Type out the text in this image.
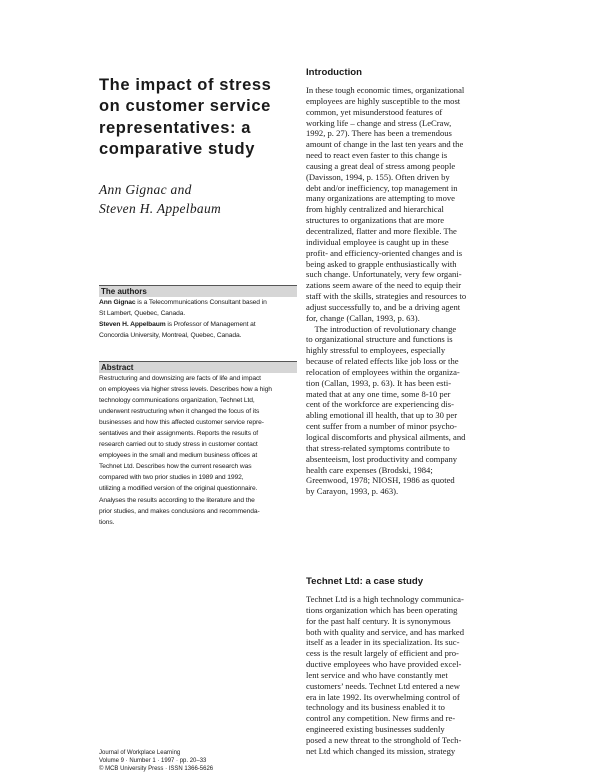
The impact of stress
on customer service
representatives: a
comparative study
Ann Gignac and
Steven H. Appelbaum
The authors
Ann Gignac is a Telecommunications Consultant based in
St Lambert, Quebec, Canada.
Steven H. Appelbaum is Professor of Management at
Concordia University, Montreal, Quebec, Canada.
Abstract
Restructuring and downsizing are facts of life and impact
on employees via higher stress levels. Describes how a high
technology communications organization, Technet Ltd,
underwent restructuring when it changed the focus of its
businesses and how this affected customer service repre-
sentatives and their assignments. Reports the results of
research carried out to study stress in customer contact
employees in the small and medium business offices at
Technet Ltd. Describes how the current research was
compared with two prior studies in 1989 and 1992,
utilizing a modified version of the original questionnaire.
Analyses the results according to the literature and the
prior studies, and makes conclusions and recommenda-
tions.
Journal of Workplace Learning
Volume 9 · Number 1 · 1997 · pp. 20–33
© MCB University Press · ISSN 1366-5626
Introduction
In these tough economic times, organizational
employees are highly susceptible to the most
common, yet misunderstood features of
working life – change and stress (LeCraw,
1992, p. 27). There has been a tremendous
amount of change in the last ten years and the
need to react even faster to this change is
causing a great deal of stress among people
(Davisson, 1994, p. 155). Often driven by
debt and/or inefficiency, top management in
many organizations are attempting to move
from highly centralized and hierarchical
structures to organizations that are more
decentralized, flatter and more flexible. The
individual employee is caught up in these
profit- and efficiency-oriented changes and is
being asked to grapple enthusiastically with
such change. Unfortunately, very few organi-
zations seem aware of the need to equip their
staff with the skills, strategies and resources to
adjust successfully to, and be a driving agent
for, change (Callan, 1993, p. 63).
The introduction of revolutionary change
to organizational structure and functions is
highly stressful to employees, especially
because of related effects like job loss or the
relocation of employees within the organiza-
tion (Callan, 1993, p. 63). It has been esti-
mated that at any one time, some 8-10 per
cent of the workforce are experiencing dis-
abling emotional ill health, that up to 30 per
cent suffer from a number of minor psycho-
logical discomforts and physical ailments, and
that stress-related symptoms contribute to
absenteeism, lost productivity and company
health care expenses (Brodski, 1984;
Greenwood, 1978; NIOSH, 1986 as quoted
by Carayon, 1993, p. 463).
Technet Ltd: a case study
Technet Ltd is a high technology communica-
tions organization which has been operating
for the past half century. It is synonymous
both with quality and service, and has marked
itself as a leader in its specialization. Its suc-
cess is the result largely of efficient and pro-
ductive employees who have provided excel-
lent service and who have constantly met
customers’ needs. Technet Ltd entered a new
era in late 1992. Its overwhelming control of
technology and its business enabled it to
control any competition. New firms and re-
engineered existing businesses suddenly
posed a new threat to the stronghold of Tech-
net Ltd which changed its mission, strategy
